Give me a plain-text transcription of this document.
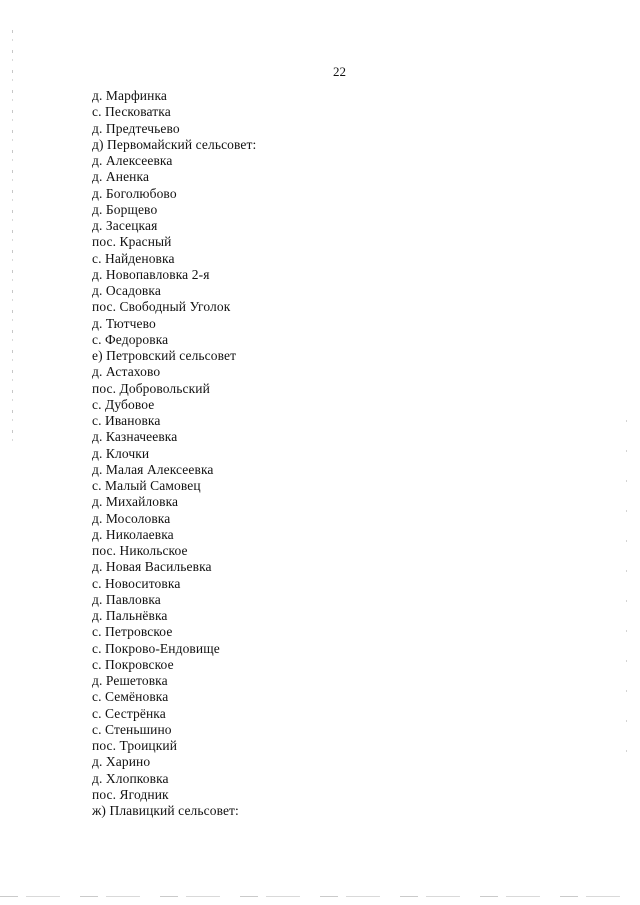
22

д. Марфинка
с. Песковатка
д. Предтечьево
д) Первомайский сельсовет:
д. Алексеевка
д. Аненка
д. Боголюбово
д. Борщево
д. Засецкая
пос. Красный
с. Найденовка
д. Новопавловка 2-я
д. Осадовка
пос. Свободный Уголок
д. Тютчево
с. Федоровка
е) Петровский сельсовет
д. Астахово
пос. Добровольский
с. Дубовое
с. Ивановка
д. Казначеевка
д. Клочки
д. Малая Алексеевка
с. Малый Самовец
д. Михайловка
д. Мосоловка
д. Николаевка
пос. Никольское
д. Новая Васильевка
с. Новоситовка
д. Павловка
д. Пальнёвка
с. Петровское
с. Покрово-Ендовище
с. Покровское
д. Решетовка
с. Семёновка
с. Сестрёнка
с. Стеньшино
пос. Троицкий
д. Харино
д. Хлопковка
пос. Ягодник
ж) Плавицкий сельсовет:
